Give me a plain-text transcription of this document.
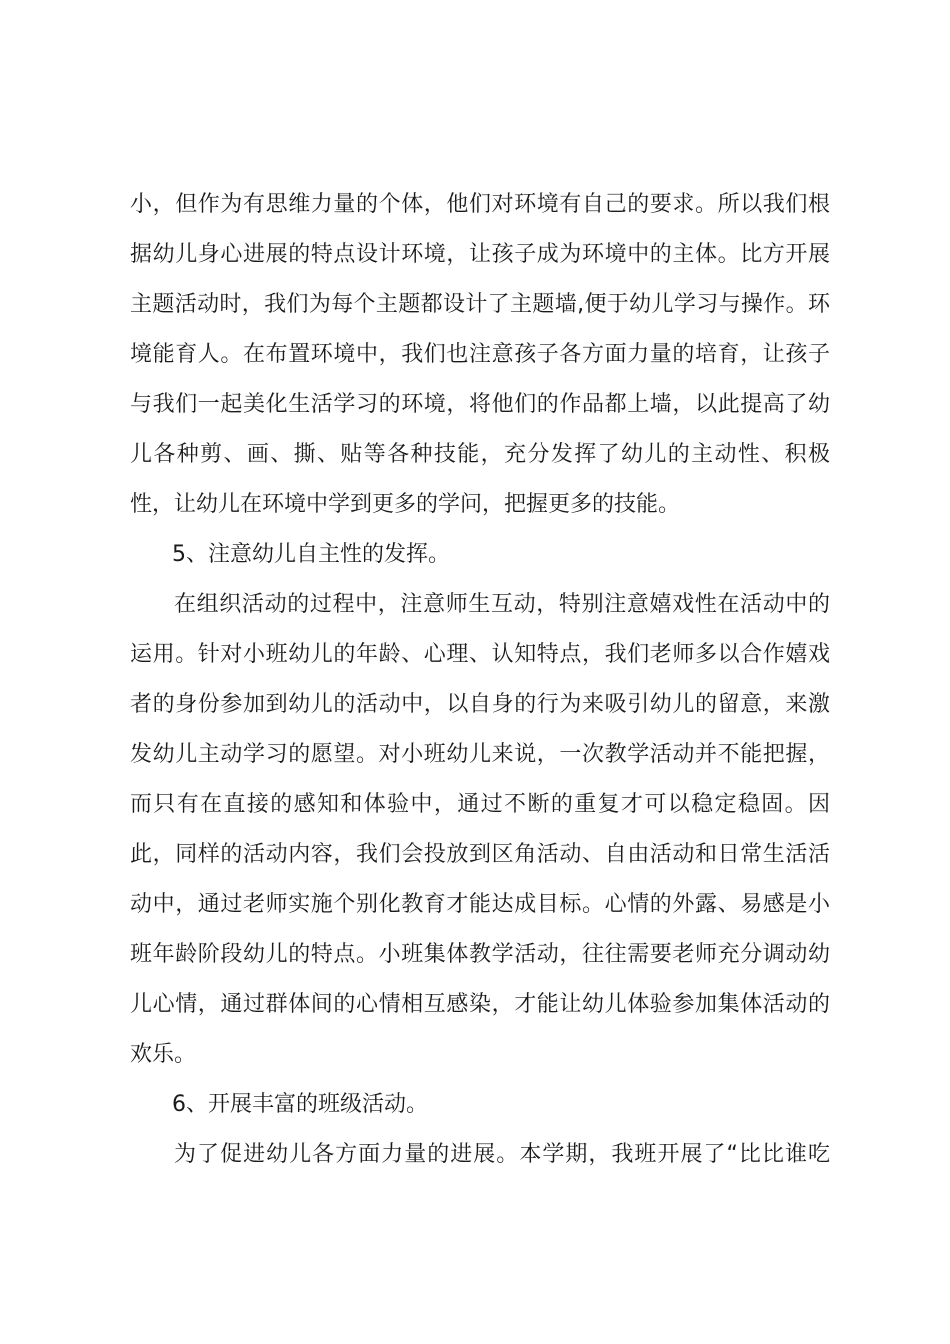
小，但作为有思维力量的个体，他们对环境有自己的要求。所以我们根
据幼儿身心进展的特点设计环境，让孩子成为环境中的主体。比方开展
主题活动时，我们为每个主题都设计了主题墙,便于幼儿学习与操作。环
境能育人。在布置环境中，我们也注意孩子各方面力量的培育，让孩子
与我们一起美化生活学习的环境，将他们的作品都上墙，以此提高了幼
儿各种剪、画、撕、贴等各种技能，充分发挥了幼儿的主动性、积极
性，让幼儿在环境中学到更多的学问，把握更多的技能。
5、注意幼儿自主性的发挥。
在组织活动的过程中，注意师生互动，特别注意嬉戏性在活动中的
运用。针对小班幼儿的年龄、心理、认知特点，我们老师多以合作嬉戏
者的身份参加到幼儿的活动中，以自身的行为来吸引幼儿的留意，来激
发幼儿主动学习的愿望。对小班幼儿来说，一次教学活动并不能把握，
而只有在直接的感知和体验中，通过不断的重复才可以稳定稳固。因
此，同样的活动内容，我们会投放到区角活动、自由活动和日常生活活
动中，通过老师实施个别化教育才能达成目标。心情的外露、易感是小
班年龄阶段幼儿的特点。小班集体教学活动，往往需要老师充分调动幼
儿心情，通过群体间的心情相互感染，才能让幼儿体验参加集体活动的
欢乐。
6、开展丰富的班级活动。
为了促进幼儿各方面力量的进展。本学期，我班开展了“比比谁吃
